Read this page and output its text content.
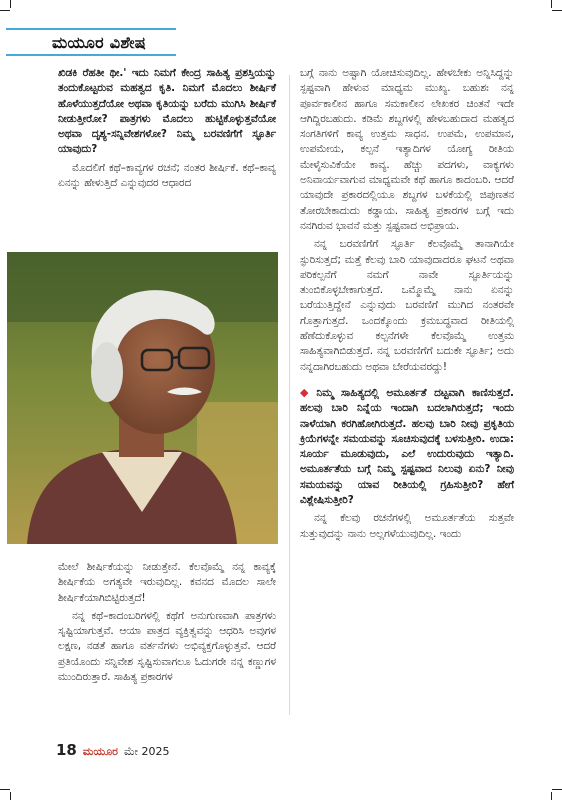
ಮಯೂರ ವಿಶೇಷ

ಖಿಡಕಿ ರೆಹತೀ ಥೀ.' ಇದು ನಿಮಗೆ ಕೇಂದ್ರ ಸಾಹಿತ್ಯ ಪ್ರಶಸ್ತಿಯನ್ನು ತಂದುಕೊಟ್ಟರುವ ಮಹತ್ವದ ಕೃತಿ. ನಿಮಗೆ ಮೊದಲು ಶೀರ್ಷಿಕೆ ಹೊಳೆಯುತ್ತದೆಯೋ ಅಥವಾ ಕೃತಿಯನ್ನು ಬರೆದು ಮುಗಿಸಿ ಶೀರ್ಷಿಕೆ ನೀಡುತ್ತೀರೋ? ಪಾತ್ರಗಳು ಮೊದಲು ಹುಟ್ಟಿಕೊಳ್ಳುತ್ತವೆಯೋ ಅಥವಾ ದೃಶ್ಯ-ಸನ್ನಿವೇಶಗಳೋ? ನಿಮ್ಮ ಬರವಣಿಗೆಗೆ ಸ್ಫೂರ್ತಿ ಯಾವುದು?

ಮೊದಲಿಗೆ ಕಥೆ–ಕಾವ್ಯಗಳ ರಚನೆ; ನಂತರ ಶೀರ್ಷಿಕೆ. ಕಥೆ–ಕಾವ್ಯ ಏನನ್ನು ಹೇಳುತ್ತಿದೆ ಎನ್ನುವುದರ ಆಧಾರದ

ಮೇಲೆ ಶೀರ್ಷಿಕೆಯನ್ನು ನೀಡುತ್ತೇನೆ. ಕೆಲವೊಮ್ಮೆ ನನ್ನ ಕಾವ್ಯಕ್ಕೆ ಶೀರ್ಷಿಕೆಯ ಅಗತ್ಯವೇ ಇರುವುದಿಲ್ಲ. ಕವನದ ಮೊದಲ ಸಾಲೇ ಶೀರ್ಷಿಕೆಯಾಗಿಬಿಟ್ಟಿರುತ್ತದೆ!

ನನ್ನ ಕಥೆ–ಕಾದಂಬರಿಗಳಲ್ಲಿ ಕಥೆಗೆ ಅನುಗುಣವಾಗಿ ಪಾತ್ರಗಳು ಸೃಷ್ಟಿಯಾಗುತ್ತವೆ. ಆಯಾ ಪಾತ್ರದ ವ್ಯಕ್ತಿತ್ವವನ್ನು ಆಧರಿಸಿ ಅವುಗಳ ಲಕ್ಷಣ, ನಡತೆ ಹಾಗೂ ವರ್ತನೆಗಳು ಅಭಿವ್ಯಕ್ತಗೊಳ್ಳುತ್ತವೆ. ಆದರೆ ಪ್ರತಿಯೊಂದು ಸನ್ನಿವೇಶ ಸೃಷ್ಟಿಸುವಾಗಲೂ ಓದುಗರೇ ನನ್ನ ಕಣ್ಣುಗಳ ಮುಂದಿರುತ್ತಾರೆ. ಸಾಹಿತ್ಯ ಪ್ರಕಾರಗಳ

ಬಗ್ಗೆ ನಾನು ಅಷ್ಟಾಗಿ ಯೋಚಿಸುವುದಿಲ್ಲ. ಹೇಳಬೇಕು ಅನ್ನಿಸಿದ್ದನ್ನು ಸ್ಪಷ್ಟವಾಗಿ ಹೇಳುವ ಮಾಧ್ಯಮ ಮುಖ್ಯ. ಬಹುಶಃ ನನ್ನ ಪೂರ್ವಕಾಲೀನ ಹಾಗೂ ಸಮಕಾಲೀನ ಲೇಖಕರ ಚಿಂತನೆ ಇದೇ ಆಗಿದ್ದಿರಬಹುದು. ಕಡಿಮೆ ಶಬ್ದಗಳಲ್ಲಿ ಹೇಳಬಹುದಾದ ಮಹತ್ವದ ಸಂಗತಿಗಳಿಗೆ ಕಾವ್ಯ ಉತ್ತಮ ಸಾಧನ. ಉಪಮೆ, ಉಪಮಾನ, ಉಪಮೇಯ, ಕಲ್ಪನೆ ಇತ್ಯಾದಿಗಳ ಯೋಗ್ಯ ರೀತಿಯ ಮೇಳೈಸುವಿಕೆಯೇ ಕಾವ್ಯ. ಹೆಚ್ಚು ಪದಗಳು, ವಾಕ್ಯಗಳು ಅನಿವಾರ್ಯವಾಗುವ ಮಾಧ್ಯಮವೇ ಕಥೆ ಹಾಗೂ ಕಾದಂಬರಿ. ಆದರೆ ಯಾವುದೇ ಪ್ರಕಾರದಲ್ಲಿಯೂ ಶಬ್ದಗಳ ಬಳಕೆಯಲ್ಲಿ ಜಿಪುಣತನ ತೋರಬೇಕಾದುದು ಕಡ್ಡಾಯ. ಸಾಹಿತ್ಯ ಪ್ರಕಾರಗಳ ಬಗ್ಗೆ ಇದು ನನಗಿರುವ ಭಾವನೆ ಮತ್ತು ಸ್ಪಷ್ಟವಾದ ಅಭಿಪ್ರಾಯ.

ನನ್ನ ಬರವಣಿಗೆಗೆ ಸ್ಫೂರ್ತಿ ಕೆಲವೊಮ್ಮೆ ತಾನಾಗಿಯೇ ಸ್ಫುರಿಸುತ್ತದೆ; ಮತ್ತೆ ಕೆಲವು ಬಾರಿ ಯಾವುದಾದರೂ ಘಟನೆ ಅಥವಾ ಪರಿಕಲ್ಪನೆಗೆ ನಮಗೆ ನಾವೇ ಸ್ಫೂರ್ತಿಯನ್ನು ತುಂಬಿಕೊಳ್ಳಬೇಕಾಗುತ್ತದೆ. ಒಮ್ಮೊಮ್ಮೆ ನಾನು ಏನನ್ನು ಬರೆಯುತ್ತಿದ್ದೇನೆ ಎನ್ನುವುದು ಬರವಣಿಗೆ ಮುಗಿದ ನಂತರವೇ ಗೊತ್ತಾಗುತ್ತದೆ. ಒಂದಕ್ಕೊಂದು ಕ್ರಮಬದ್ಧವಾದ ರೀತಿಯಲ್ಲಿ ಹೆಣೆದುಕೊಳ್ಳುವ ಕಲ್ಪನೆಗಳೇ ಕೆಲವೊಮ್ಮೆ ಉತ್ತಮ ಸಾಹಿತ್ಯವಾಗಿಬಿಡುತ್ತದೆ. ನನ್ನ ಬರವಣಿಗೆಗೆ ಬದುಕೇ ಸ್ಫೂರ್ತಿ; ಅದು ನನ್ನದಾಗಿರಬಹುದು ಅಥವಾ ಬೇರೆಯವರದ್ದು!

◆ ನಿಮ್ಮ ಸಾಹಿತ್ಯದಲ್ಲಿ ಅಮೂರ್ತತೆ ದಟ್ಟವಾಗಿ ಕಾಣಿಸುತ್ತದೆ. ಹಲವು ಬಾರಿ ನಿನ್ನೆಯ ಇಂದಾಗಿ ಬದಲಾಗಿರುತ್ತದೆ; ಇಂದು ನಾಳೆಯಾಗಿ ಕರಗಿಹೋಗಿರುತ್ತದೆ. ಹಲವು ಬಾರಿ ನೀವು ಪ್ರಕೃತಿಯ ಕ್ರಿಯೆಗಳನ್ನೇ ಸಮಯವನ್ನು ಸೂಚಿಸುವುದಕ್ಕೆ ಬಳಸುತ್ತೀರಿ. ಉದಾ: ಸೂರ್ಯ ಮೂಡುವುದು, ಎಲೆ ಉದುರುವುದು ಇತ್ಯಾದಿ. ಅಮೂರ್ತತೆಯ ಬಗ್ಗೆ ನಿಮ್ಮ ಸ್ಪಷ್ಟವಾದ ನಿಲುವು ಏನು? ನೀವು ಸಮಯವನ್ನು ಯಾವ ರೀತಿಯಲ್ಲಿ ಗ್ರಹಿಸುತ್ತೀರಿ? ಹೇಗೆ ವಿಶ್ಲೇಷಿಸುತ್ತೀರಿ?

ನನ್ನ ಕೆಲವು ರಚನೆಗಳಲ್ಲಿ ಅಮೂರ್ತತೆಯ ಸುತ್ತವೇ ಸುತ್ತುವುದನ್ನು ನಾನು ಅಲ್ಲಗಳೆಯುವುದಿಲ್ಲ. ಇಂದು

18 ಮಯೂರ ಮೇ 2025
